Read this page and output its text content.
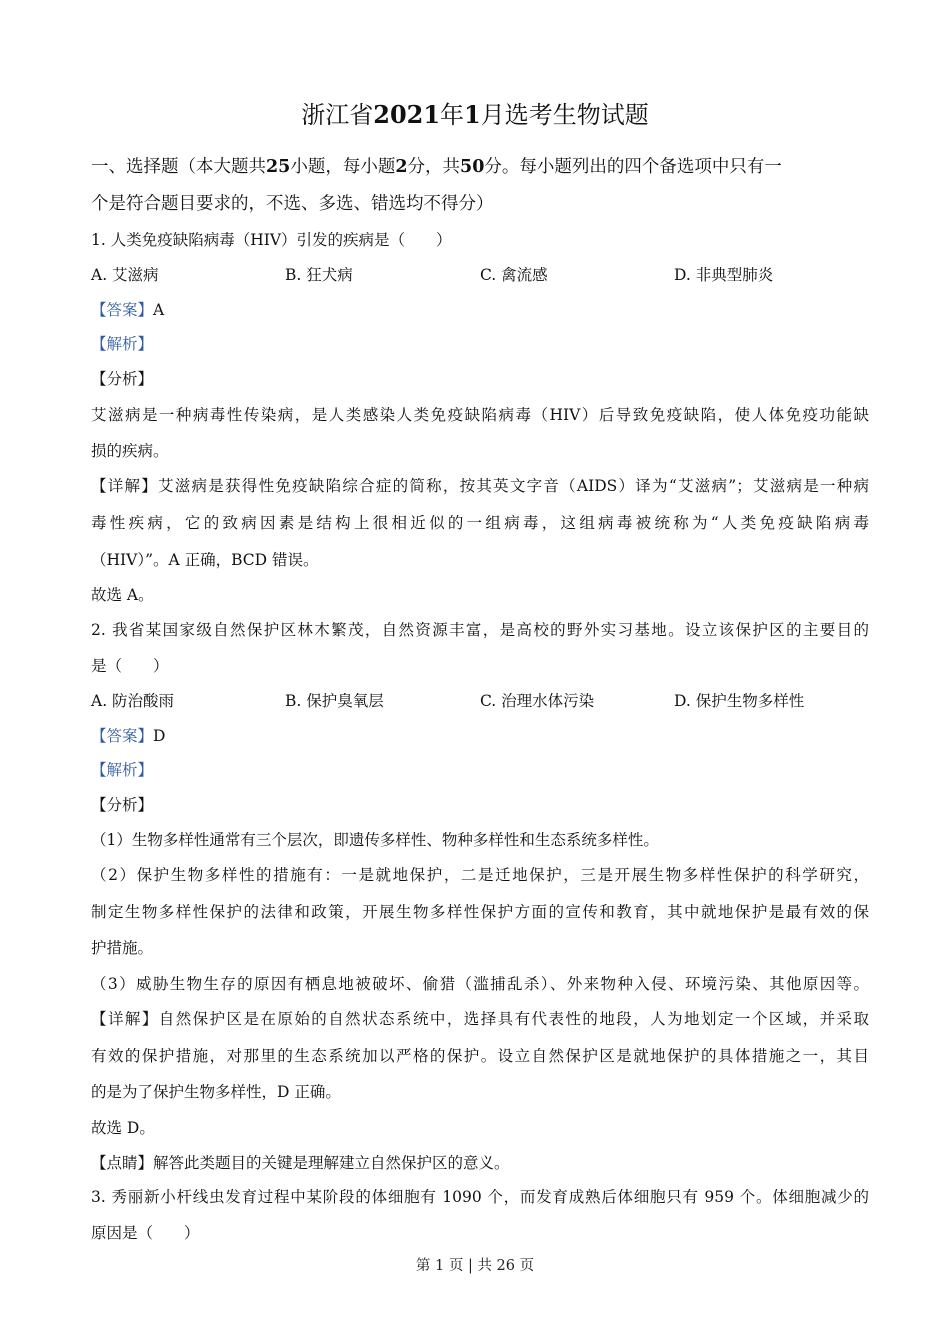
浙江省2021年1月选考生物试题
一、选择题（本大题共25小题，每小题2分，共50分。每小题列出的四个备选项中只有一
个是符合题目要求的，不选、多选、错选均不得分）
1. 人类免疫缺陷病毒（HIV）引发的疾病是（　　）
A. 艾滋病	B. 狂犬病	C. 禽流感	D. 非典型肺炎
【答案】A
【解析】
【分析】
艾滋病是一种病毒性传染病，是人类感染人类免疫缺陷病毒（HIV）后导致免疫缺陷，使人体免疫功能缺
损的疾病。
【详解】艾滋病是获得性免疫缺陷综合症的简称，按其英文字音（AIDS）译为“艾滋病”；艾滋病是一种病
毒性疾病，它的致病因素是结构上很相近似的一组病毒，这组病毒被统称为“人类免疫缺陷病毒
（HIV）”。A 正确，BCD 错误。
故选 A。
2. 我省某国家级自然保护区林木繁茂，自然资源丰富，是高校的野外实习基地。设立该保护区的主要目的
是（　　）
A. 防治酸雨	B. 保护臭氧层	C. 治理水体污染	D. 保护生物多样性
【答案】D
【解析】
【分析】
（1）生物多样性通常有三个层次，即遗传多样性、物种多样性和生态系统多样性。
（2）保护生物多样性的措施有：一是就地保护，二是迁地保护，三是开展生物多样性保护的科学研究，
制定生物多样性保护的法律和政策，开展生物多样性保护方面的宣传和教育，其中就地保护是最有效的保
护措施。
（3）威胁生物生存的原因有栖息地被破坏、偷猎（滥捕乱杀）、外来物种入侵、环境污染、其他原因等。
【详解】自然保护区是在原始的自然状态系统中，选择具有代表性的地段，人为地划定一个区域，并采取
有效的保护措施，对那里的生态系统加以严格的保护。设立自然保护区是就地保护的具体措施之一，其目
的是为了保护生物多样性，D 正确。
故选 D。
【点睛】解答此类题目的关键是理解建立自然保护区的意义。
3. 秀丽新小杆线虫发育过程中某阶段的体细胞有 1090 个，而发育成熟后体细胞只有 959 个。体细胞减少的
原因是（　　）
第 1 页 | 共 26 页
